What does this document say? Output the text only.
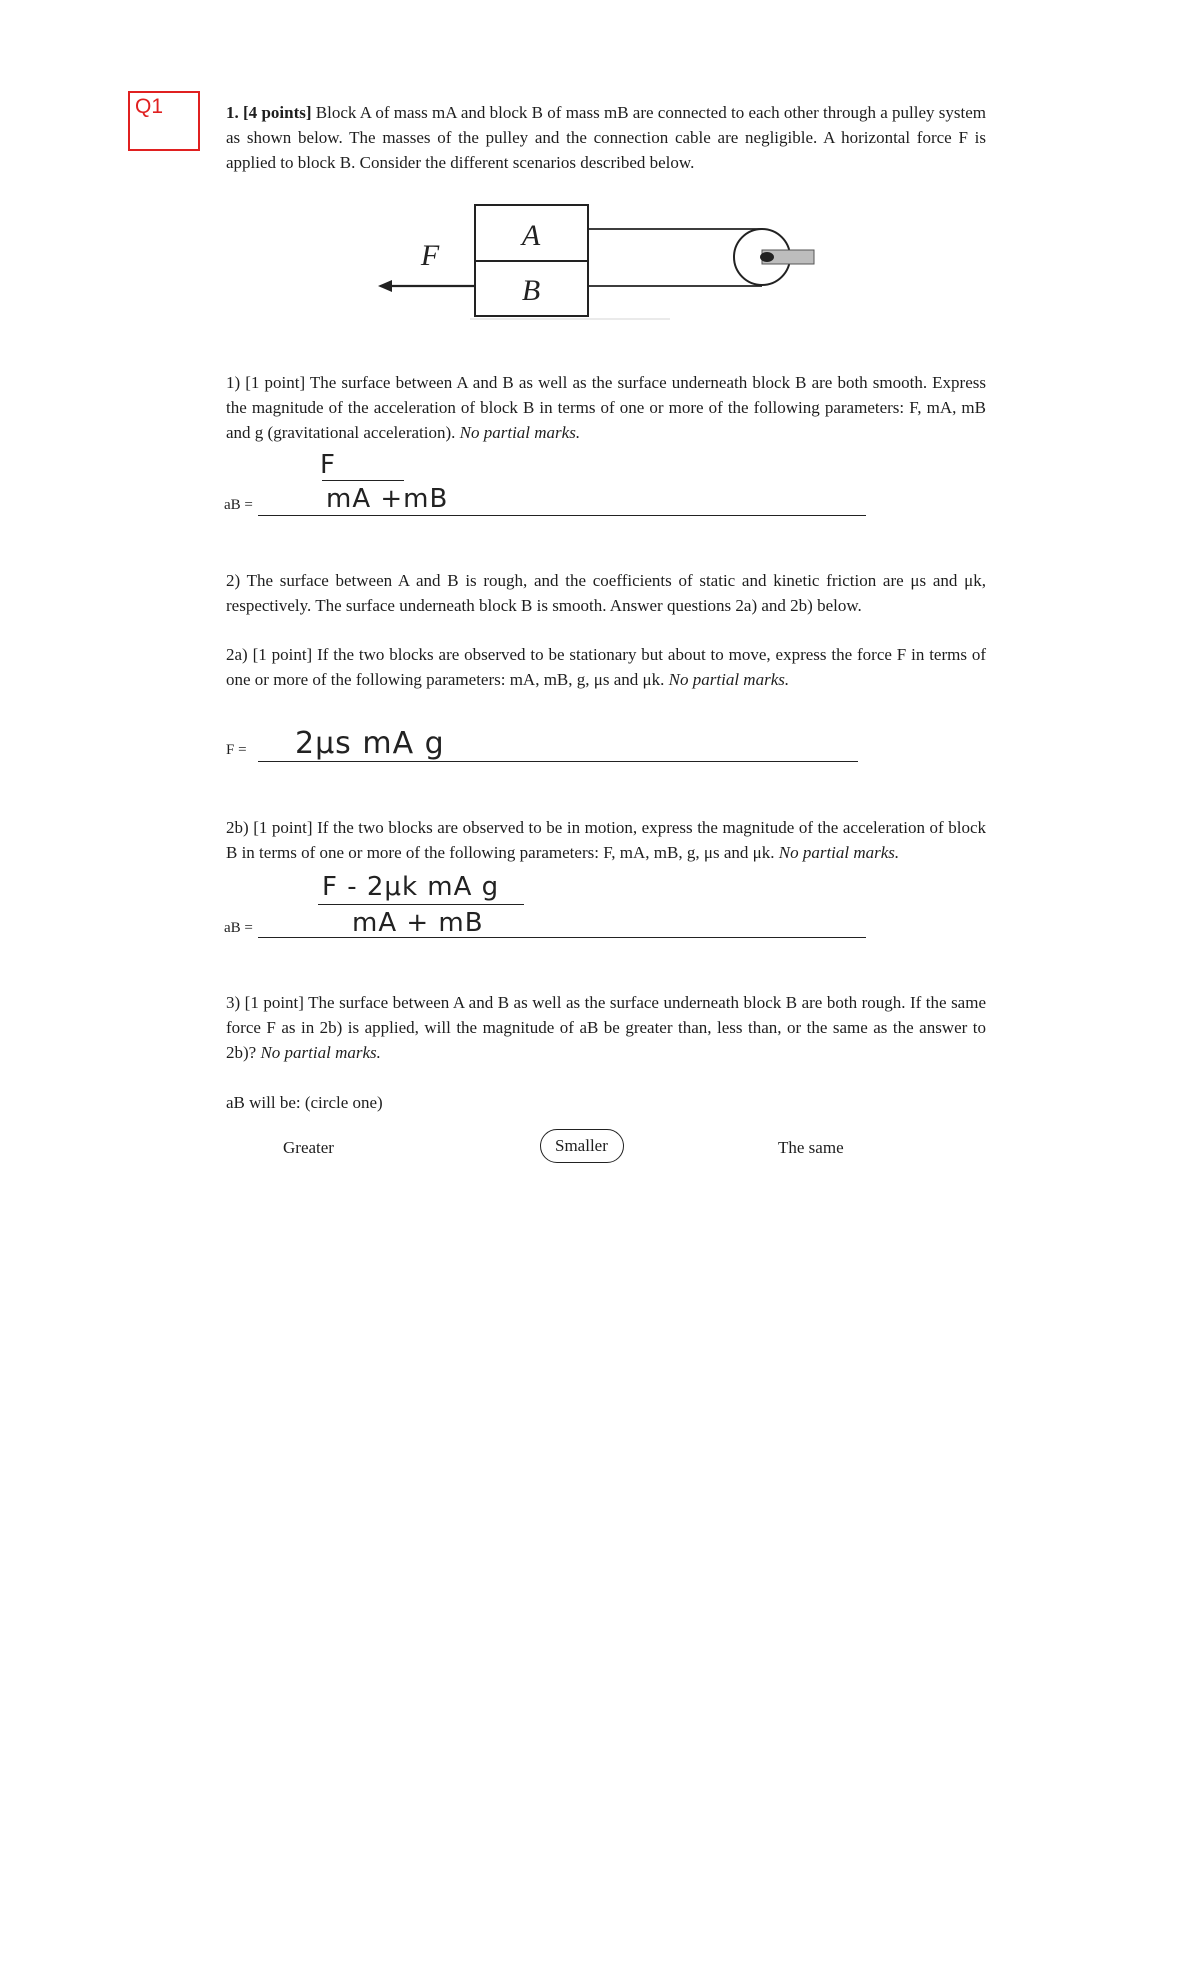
Q1	1. [4 points] Block A of mass mA and block B of mass mB are connected to each other through a pulley system as shown below. The masses of the pulley and the connection cable are negligible. A horizontal force F is applied to block B. Consider the different scenarios described below.
A
B
F
1) [1 point] The surface between A and B as well as the surface underneath block B are both smooth. Express the magnitude of the acceleration of block B in terms of one or more of the following parameters: F, mA, mB and g (gravitational acceleration). No partial marks.
F
mA +mB
aB =
2) The surface between A and B is rough, and the coefficients of static and kinetic friction are μs and μk, respectively. The surface underneath block B is smooth. Answer questions 2a) and 2b) below.
2a) [1 point] If the two blocks are observed to be stationary but about to move, express the force F in terms of one or more of the following parameters: mA, mB, g, μs and μk. No partial marks.
F = 2μs mA g
2b) [1 point] If the two blocks are observed to be in motion, express the magnitude of the acceleration of block B in terms of one or more of the following parameters: F, mA, mB, g, μs and μk. No partial marks.
F - 2μk mA g
mA + mB
aB =
3) [1 point] The surface between A and B as well as the surface underneath block B are both rough. If the same force F as in 2b) is applied, will the magnitude of aB be greater than, less than, or the same as the answer to 2b)? No partial marks.
aB will be: (circle one)
Greater	Smaller	The same
